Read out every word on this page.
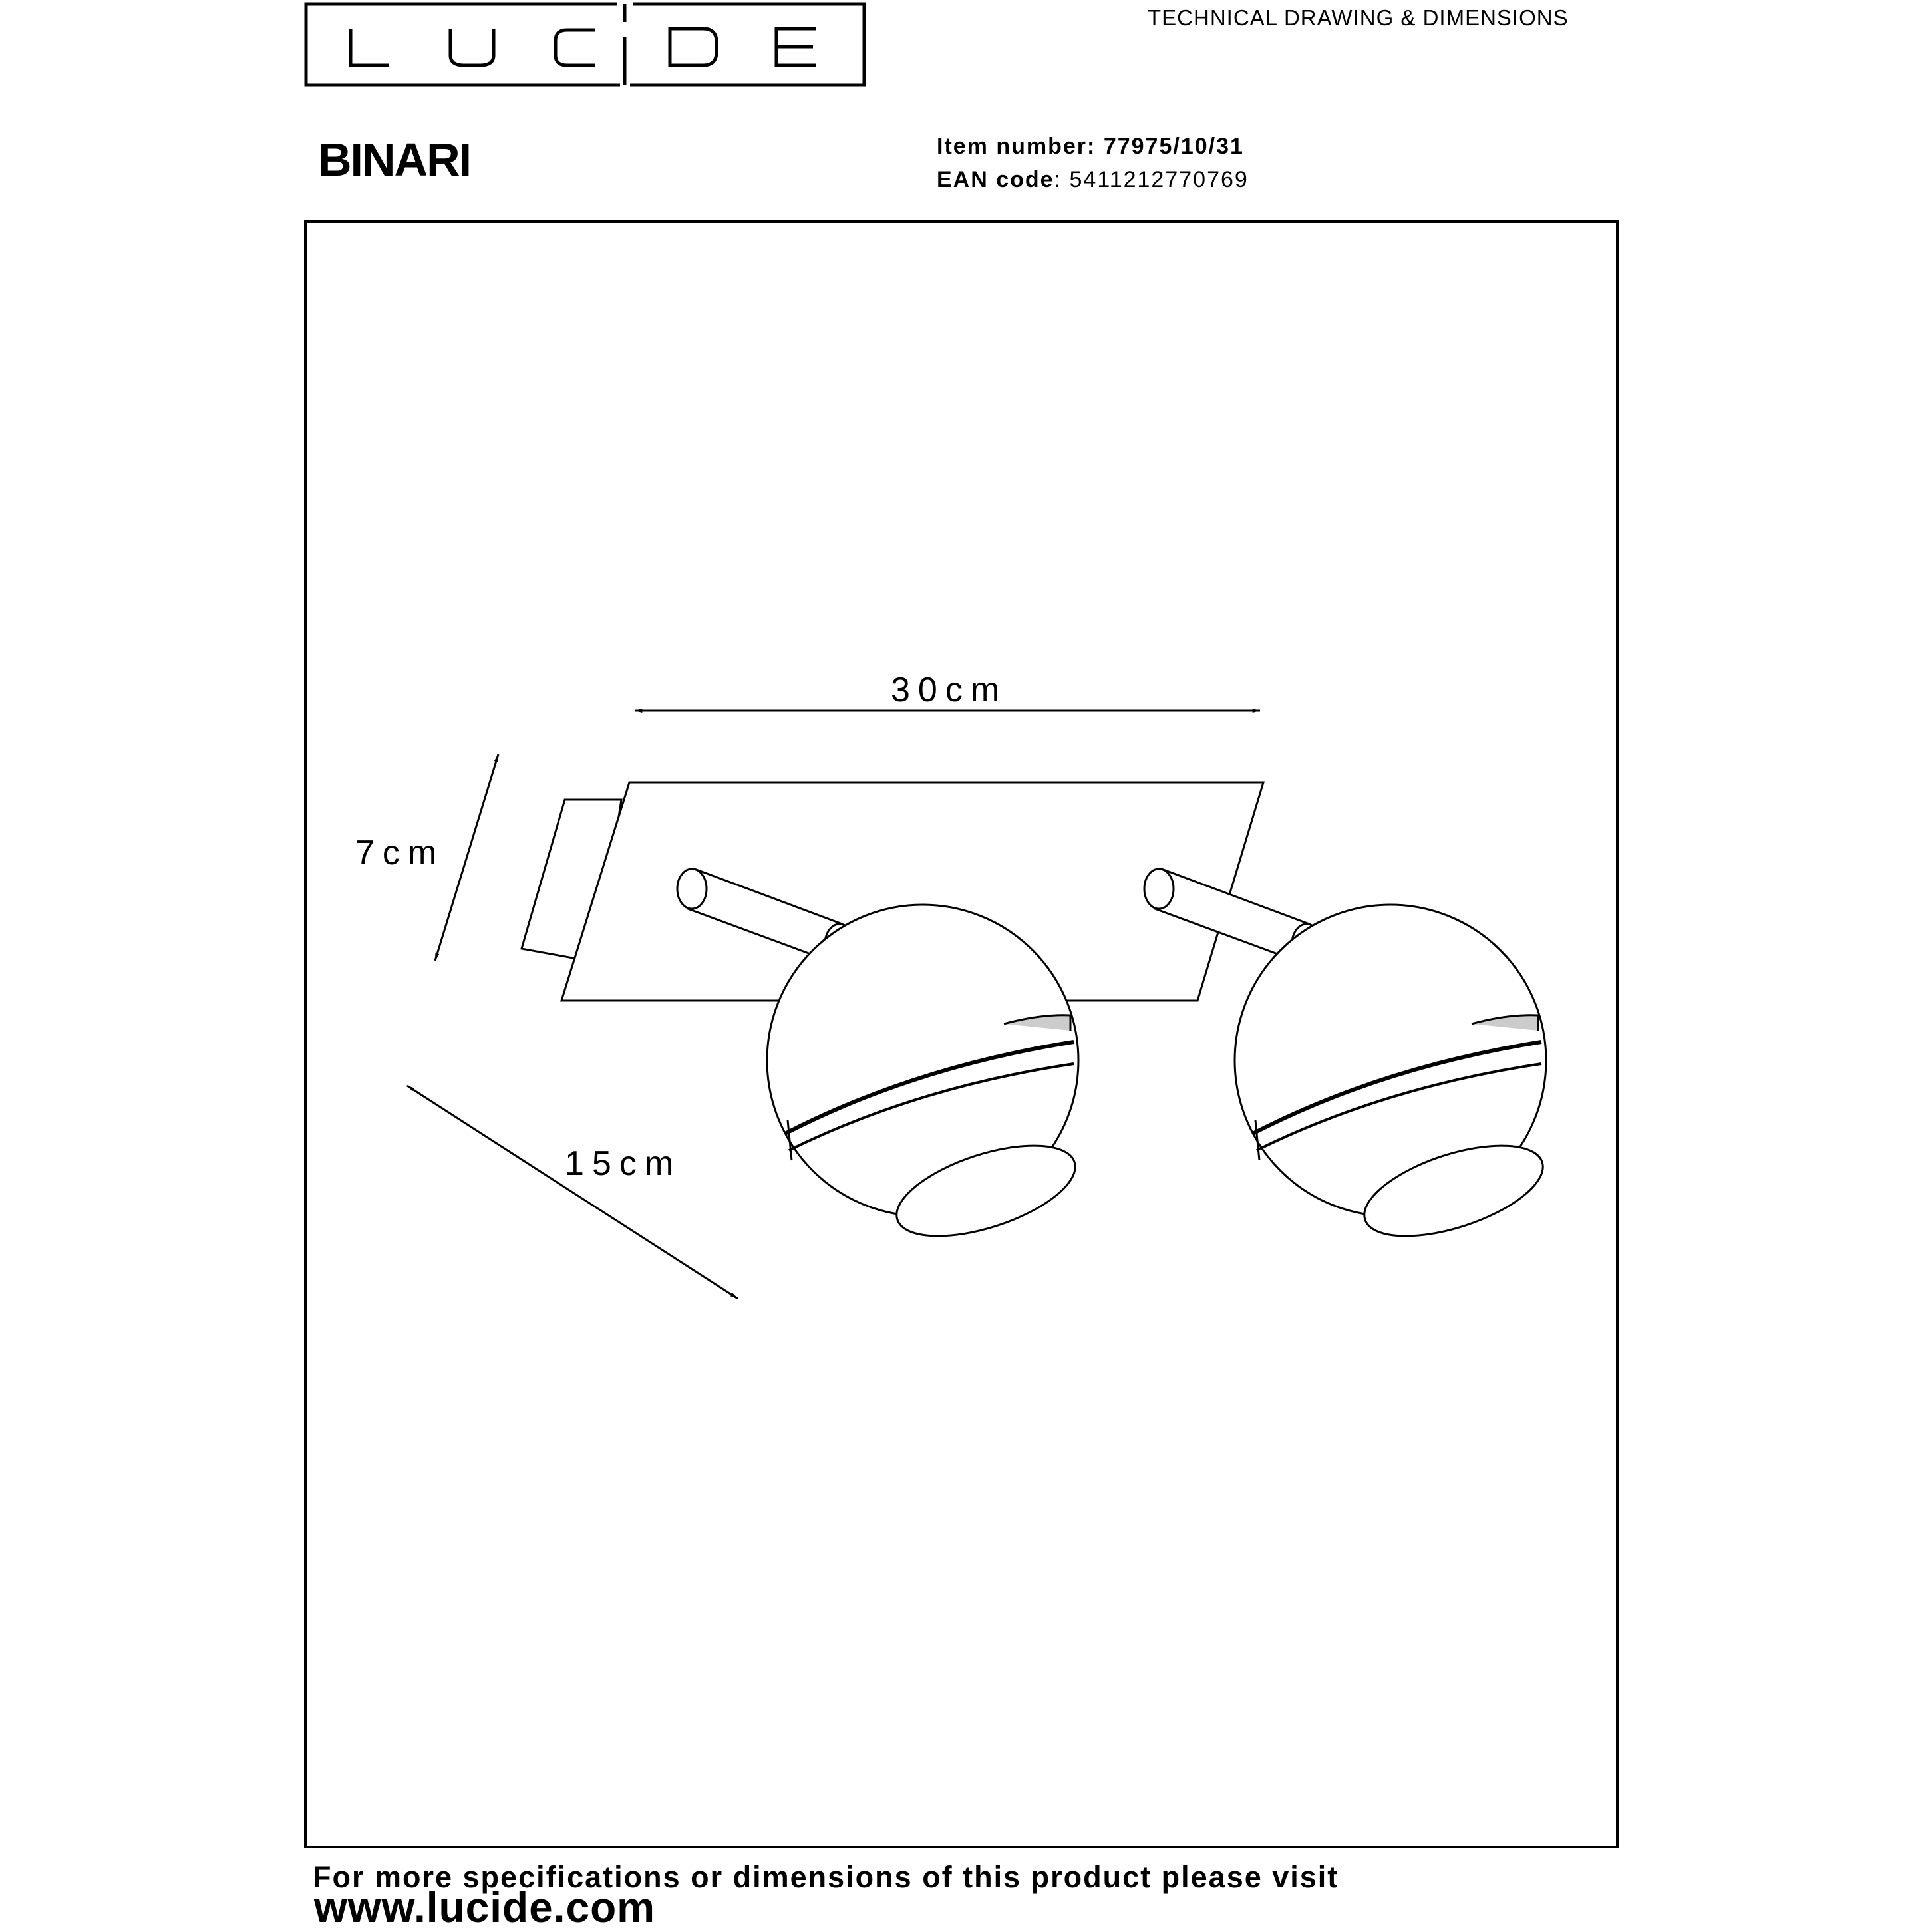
TECHNICAL DRAWING & DIMENSIONS
BINARI	Item number: 77975/10/31
EAN code: 5411212770769
30cm
7cm
15cm
For more specifications or dimensions of this product please visit
www.lucide.com
